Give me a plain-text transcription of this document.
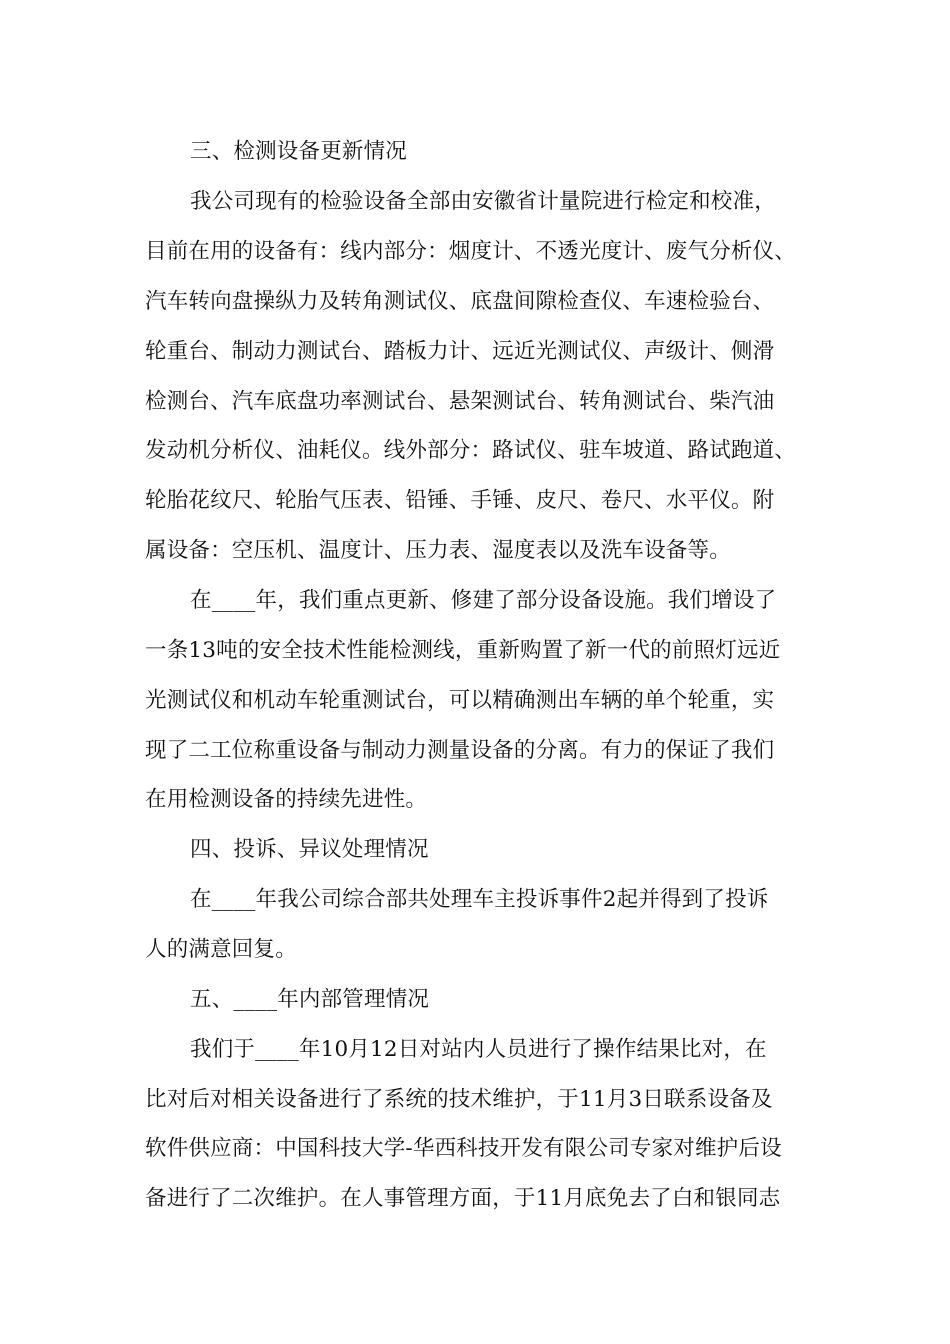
三、检测设备更新情况
我公司现有的检验设备全部由安徽省计量院进行检定和校准，
目前在用的设备有：线内部分：烟度计、不透光度计、废气分析仪、
汽车转向盘操纵力及转角测试仪、底盘间隙检查仪、车速检验台、
轮重台、制动力测试台、踏板力计、远近光测试仪、声级计、侧滑
检测台、汽车底盘功率测试台、悬架测试台、转角测试台、柴汽油
发动机分析仪、油耗仪。线外部分：路试仪、驻车坡道、路试跑道、
轮胎花纹尺、轮胎气压表、铅锤、手锤、皮尺、卷尺、水平仪。附
属设备：空压机、温度计、压力表、湿度表以及洗车设备等。
在____年，我们重点更新、修建了部分设备设施。我们增设了
一条13吨的安全技术性能检测线，重新购置了新一代的前照灯远近
光测试仪和机动车轮重测试台，可以精确测出车辆的单个轮重，实
现了二工位称重设备与制动力测量设备的分离。有力的保证了我们
在用检测设备的持续先进性。
四、投诉、异议处理情况
在____年我公司综合部共处理车主投诉事件2起并得到了投诉
人的满意回复。
五、____年内部管理情况
我们于____年10月12日对站内人员进行了操作结果比对，在
比对后对相关设备进行了系统的技术维护，于11月3日联系设备及
软件供应商：中国科技大学-华西科技开发有限公司专家对维护后设
备进行了二次维护。在人事管理方面，于11月底免去了白和银同志
